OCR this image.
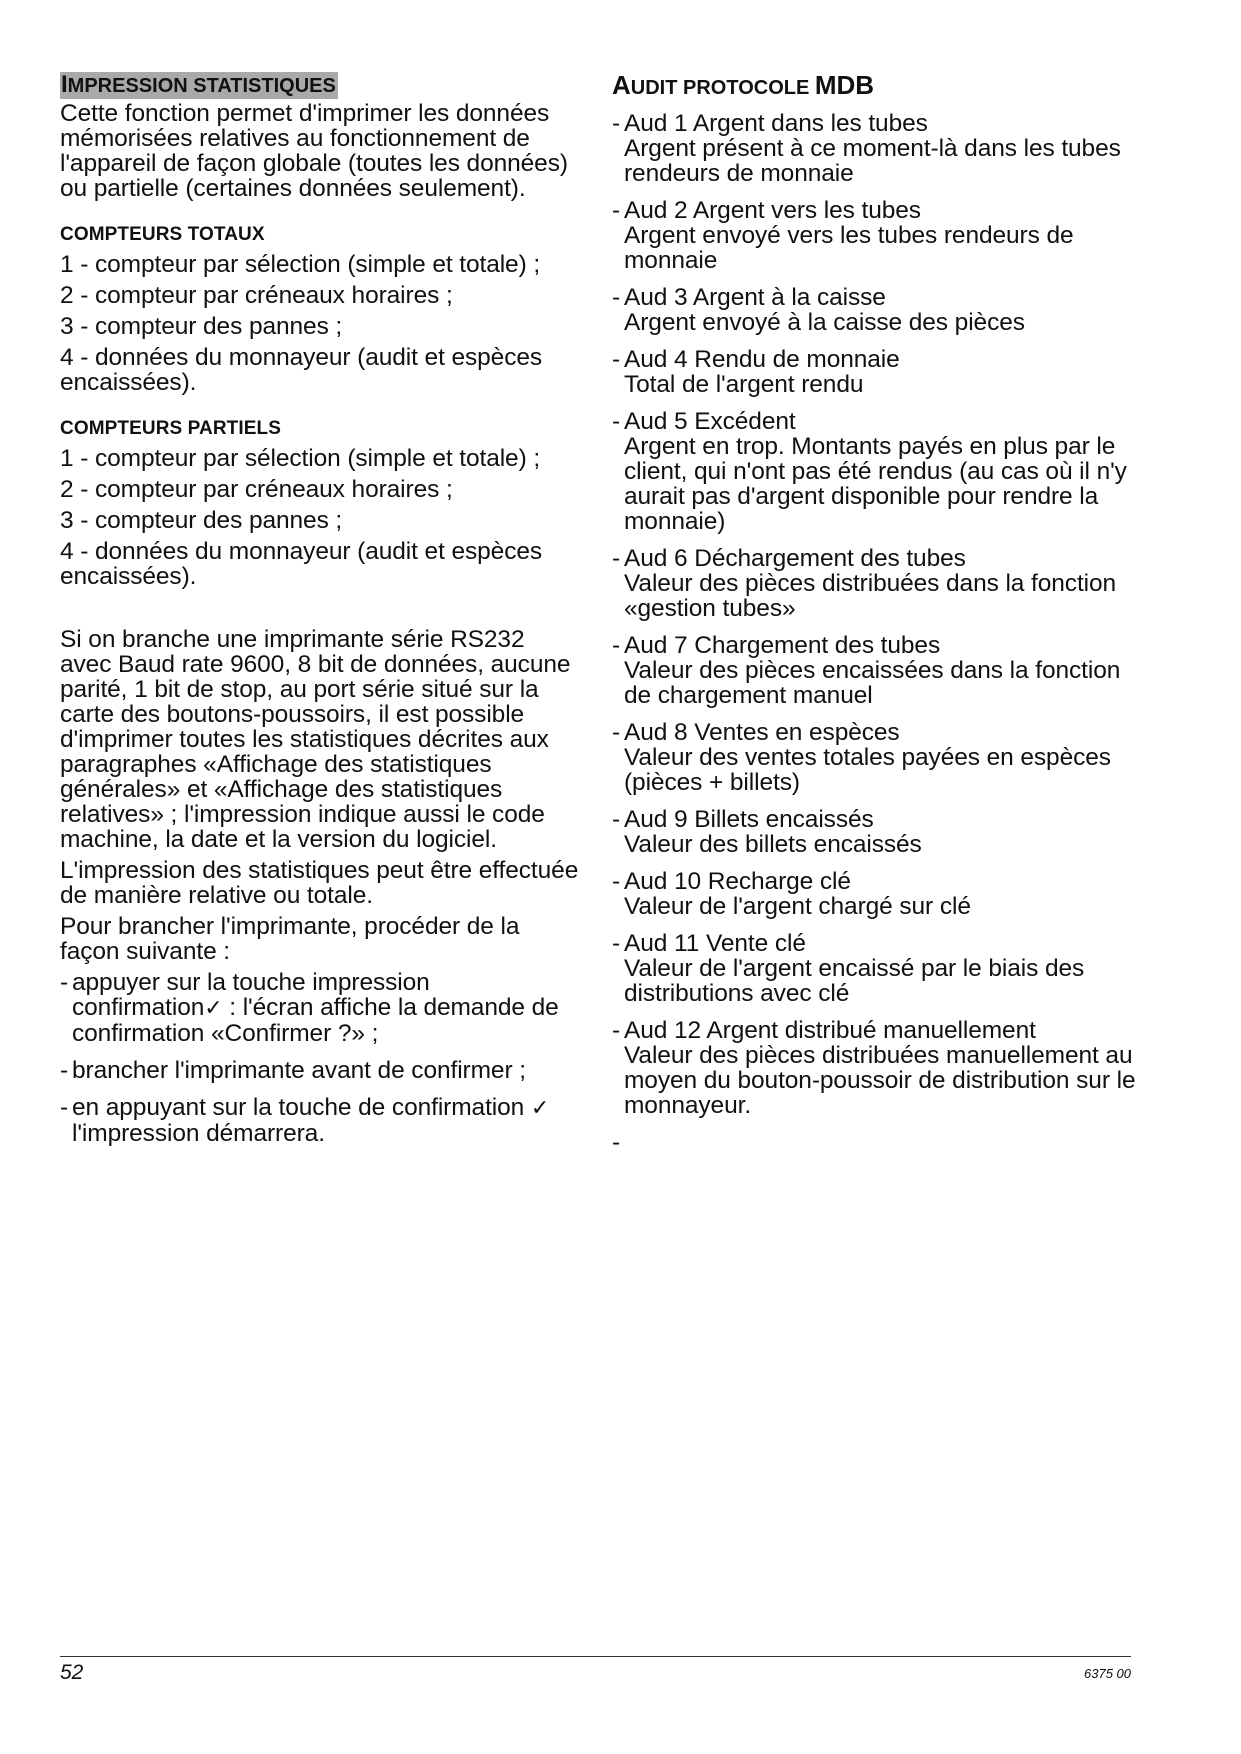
IMPRESSION STATISTIQUES

Cette fonction permet d'imprimer les données mémorisées relatives au fonctionnement de l'appareil de façon globale (toutes les données) ou partielle (certaines données seulement).

COMPTEURS TOTAUX

1 - compteur par sélection (simple et totale) ;

2 - compteur par créneaux horaires ;

3 - compteur des pannes ;

4 - données du monnayeur (audit et espèces encaissées).

COMPTEURS PARTIELS

1 - compteur par sélection (simple et totale) ;

2 - compteur par créneaux horaires ;

3 - compteur des pannes ;

4 - données du monnayeur (audit et espèces encaissées).

Si on branche une imprimante série RS232 avec Baud rate 9600, 8 bit de données, aucune parité, 1 bit de stop, au port série situé sur la carte des boutons-poussoirs, il est possible d'imprimer toutes les statistiques décrites aux paragraphes «Affichage des statistiques générales» et «Affichage des statistiques relatives» ; l'impression indique aussi le code machine, la date et la version du logiciel.

L'impression des statistiques peut être effectuée de manière relative ou totale.

Pour brancher l'imprimante, procéder de la façon suivante :

- appuyer sur la touche impression confirmation✓ : l'écran affiche la demande de confirmation «Confirmer ?» ;
- brancher l'imprimante avant de confirmer ;
- en appuyant sur la touche de confirmation ✓ l'impression démarrera.
AUDIT PROTOCOLE MDB
- Aud 1 Argent dans les tubes
Argent présent à ce moment-là dans les tubes rendeurs de monnaie
- Aud 2 Argent vers les tubes
Argent envoyé vers les tubes rendeurs de monnaie
- Aud 3 Argent à la caisse
Argent envoyé à la caisse des pièces
- Aud 4 Rendu de monnaie
Total de l'argent rendu
- Aud 5 Excédent
Argent en trop. Montants payés en plus par le client, qui n'ont pas été rendus (au cas où il n'y aurait pas d'argent disponible pour rendre la monnaie)
- Aud 6 Déchargement des tubes
Valeur des pièces distribuées dans la fonction «gestion tubes»
- Aud 7 Chargement des tubes
Valeur des pièces encaissées dans la fonction de chargement manuel
- Aud 8 Ventes en espèces
Valeur des ventes totales payées en espèces (pièces + billets)
- Aud 9 Billets encaissés
Valeur des billets encaissés
- Aud 10 Recharge clé
Valeur de l'argent chargé sur clé
- Aud 11 Vente clé
Valeur de l'argent encaissé par le biais des distributions avec clé
- Aud 12 Argent distribué manuellement
Valeur des pièces distribuées manuellement au moyen du bouton-poussoir de distribution sur le monnayeur.
-

52	6375 00
